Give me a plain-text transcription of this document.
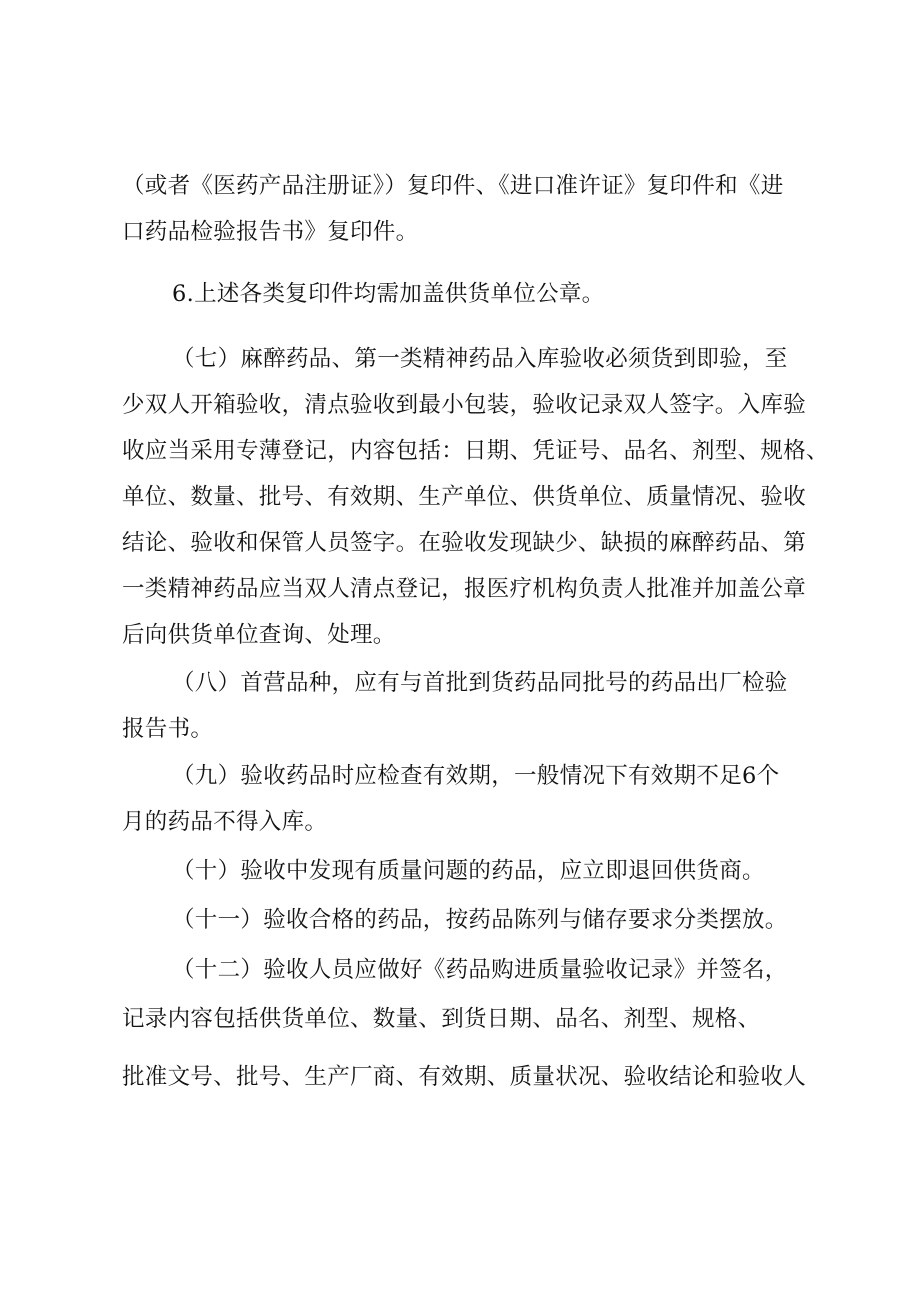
（或者《医药产品注册证》）复印件、《进口准许证》复印件和《进
口药品检验报告书》复印件。
6.上述各类复印件均需加盖供货单位公章。
（七）麻醉药品、第一类精神药品入库验收必须货到即验，至
少双人开箱验收，清点验收到最小包装，验收记录双人签字。入库验
收应当采用专薄登记，内容包括：日期、凭证号、品名、剂型、规格、
单位、数量、批号、有效期、生产单位、供货单位、质量情况、验收
结论、验收和保管人员签字。在验收发现缺少、缺损的麻醉药品、第
一类精神药品应当双人清点登记，报医疗机构负责人批准并加盖公章
后向供货单位查询、处理。
（八）首营品种，应有与首批到货药品同批号的药品出厂检验
报告书。
（九）验收药品时应检查有效期，一般情况下有效期不足6个
月的药品不得入库。
（十）验收中发现有质量问题的药品，应立即退回供货商。
（十一）验收合格的药品，按药品陈列与储存要求分类摆放。
（十二）验收人员应做好《药品购进质量验收记录》并签名，
记录内容包括供货单位、数量、到货日期、品名、剂型、规格、
批准文号、批号、生产厂商、有效期、质量状况、验收结论和验收人
